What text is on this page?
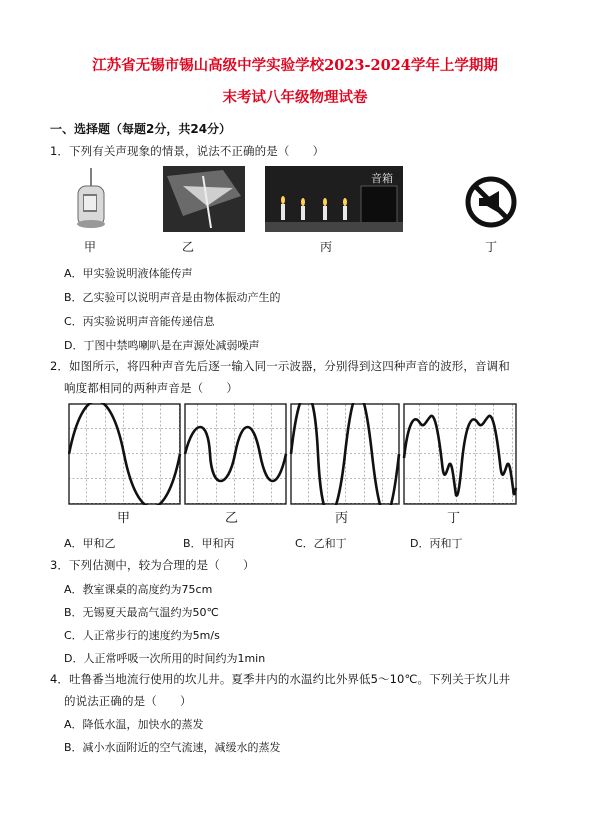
江苏省无锡市锡山高级中学实验学校2023-2024学年上学期期
末考试八年级物理试卷
一、选择题（每题2分，共24分）
1．下列有关声现象的情景，说法不正确的是（　　）
音箱
甲	乙	丙	丁
A．甲实验说明液体能传声
B．乙实验可以说明声音是由物体振动产生的
C．丙实验说明声音能传递信息
D．丁图中禁鸣喇叭是在声源处减弱噪声
2．如图所示，将四种声音先后逐一输入同一示波器，分别得到这四种声音的波形，音调和
响度都相同的两种声音是（　　）
甲	乙	丙	丁
A．甲和乙	B．甲和丙	C．乙和丁	D．丙和丁
3．下列估测中，较为合理的是（　　）
A．教室课桌的高度约为75cm
B．无锡夏天最高气温约为50℃
C．人正常步行的速度约为5m/s
D．人正常呼吸一次所用的时间约为1min
4．吐鲁番当地流行使用的坎儿井。夏季井内的水温约比外界低5～10℃。下列关于坎儿井
的说法正确的是（　　）
A．降低水温，加快水的蒸发
B．减小水面附近的空气流速，减缓水的蒸发
